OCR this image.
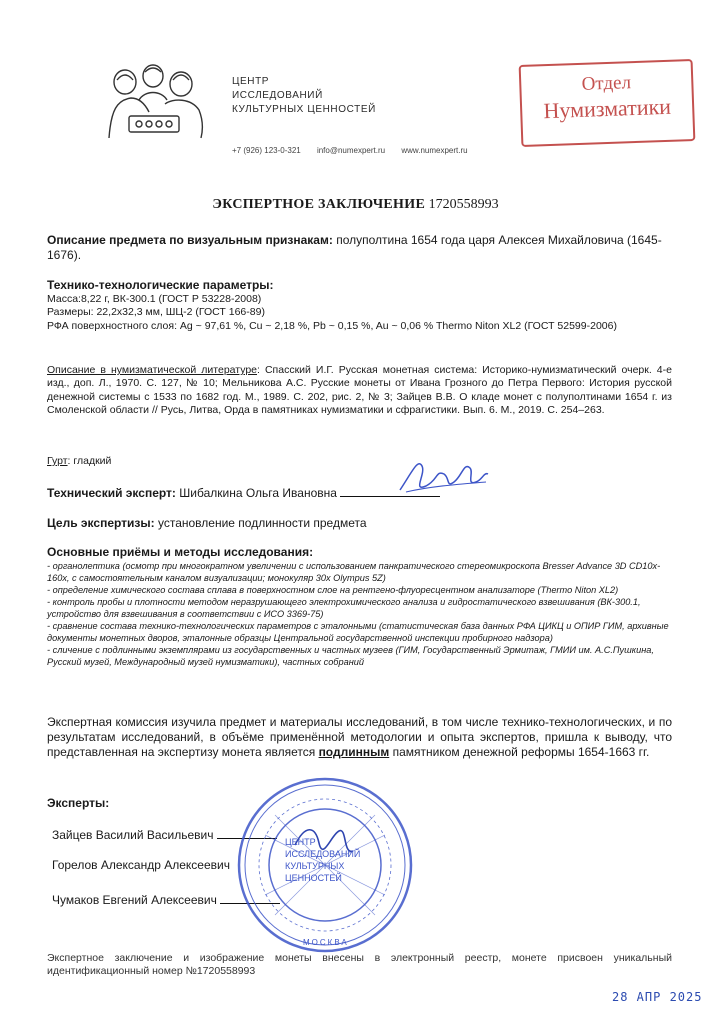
ЦЕНТР
ИССЛЕДОВАНИЙ
КУЛЬТУРНЫХ ЦЕННОСТЕЙ
+7 (926) 123-0-321 info@numexpert.ru www.numexpert.ru
Отдел
Нумизматики
ЭКСПЕРТНОЕ ЗАКЛЮЧЕНИЕ 1720558993
Описание предмета по визуальным признакам: полуполтина 1654 года царя Алексея Михайловича (1645-1676).
Технико-технологические параметры:
Масса:8,22 г, ВК-300.1 (ГОСТ Р 53228-2008)
Размеры: 22,2х32,3 мм, ШЦ-2 (ГОСТ 166-89)
РФА поверхностного слоя: Ag ~ 97,61 %, Cu ~ 2,18 %, Pb ~ 0,15 %, Au ~ 0,06 % Thermo Niton XL2 (ГОСТ 52599-2006)
Описание в нумизматической литературе: Спасский И.Г. Русская монетная система: Историко-нумизматический очерк. 4-е изд., доп. Л., 1970. С. 127, № 10; Мельникова А.С. Русские монеты от Ивана Грозного до Петра Первого: История русской денежной системы с 1533 по 1682 год. М., 1989. С. 202, рис. 2, № 3; Зайцев В.В. О кладе монет с полуполтинами 1654 г. из Смоленской области // Русь, Литва, Орда в памятниках нумизматики и сфрагистики. Вып. 6. М., 2019. С. 254–263.
Гурт: гладкий
Технический эксперт: Шибалкина Ольга Ивановна
Цель экспертизы: установление подлинности предмета
Основные приёмы и методы исследования:
- органолептика (осмотр при многократном увеличении с использованием панкратического стереомикроскопа Bresser Advance 3D CD10x-160x, с самостоятельным каналом визуализации; монокуляр 30x Olympus 5Z)
- определение химического состава сплава в поверхностном слое на рентгено-флуоресцентном анализаторе (Thermo Niton XL2)
- контроль пробы и плотности методом неразрушающего электрохимического анализа и гидростатического взвешивания (ВК-300.1, устройство для взвешивания в соответствии с ИСО 3369-75)
- сравнение состава технико-технологических параметров с эталонными (статистическая база данных РФА ЦИКЦ и ОПИР ГИМ, архивные документы монетных дворов, эталонные образцы Центральной государственной инспекции пробирного надзора)
- сличение с подлинными экземплярами из государственных и частных музеев (ГИМ, Государственный Эрмитаж, ГМИИ им. А.С.Пушкина, Русский музей, Международный музей нумизматики), частных собраний
Экспертная комиссия изучила предмет и материалы исследований, в том числе технико-технологических, и по результатам исследований, в объёме применённой методологии и опыта экспертов, пришла к выводу, что представленная на экспертизу монета является подлинным памятником денежной реформы 1654-1663 гг.
Эксперты:
Зайцев Василий Васильевич
Горелов Александр Алексеевич
Чумаков Евгений Алексеевич
ЦЕНТР ИССЛЕДОВАНИЙ КУЛЬТУРНЫХ ЦЕННОСТЕЙ
МОСКВА
Экспертное заключение и изображение монеты внесены в электронный реестр, монете присвоен уникальный идентификационный номер №1720558993
28 АПР 2025
